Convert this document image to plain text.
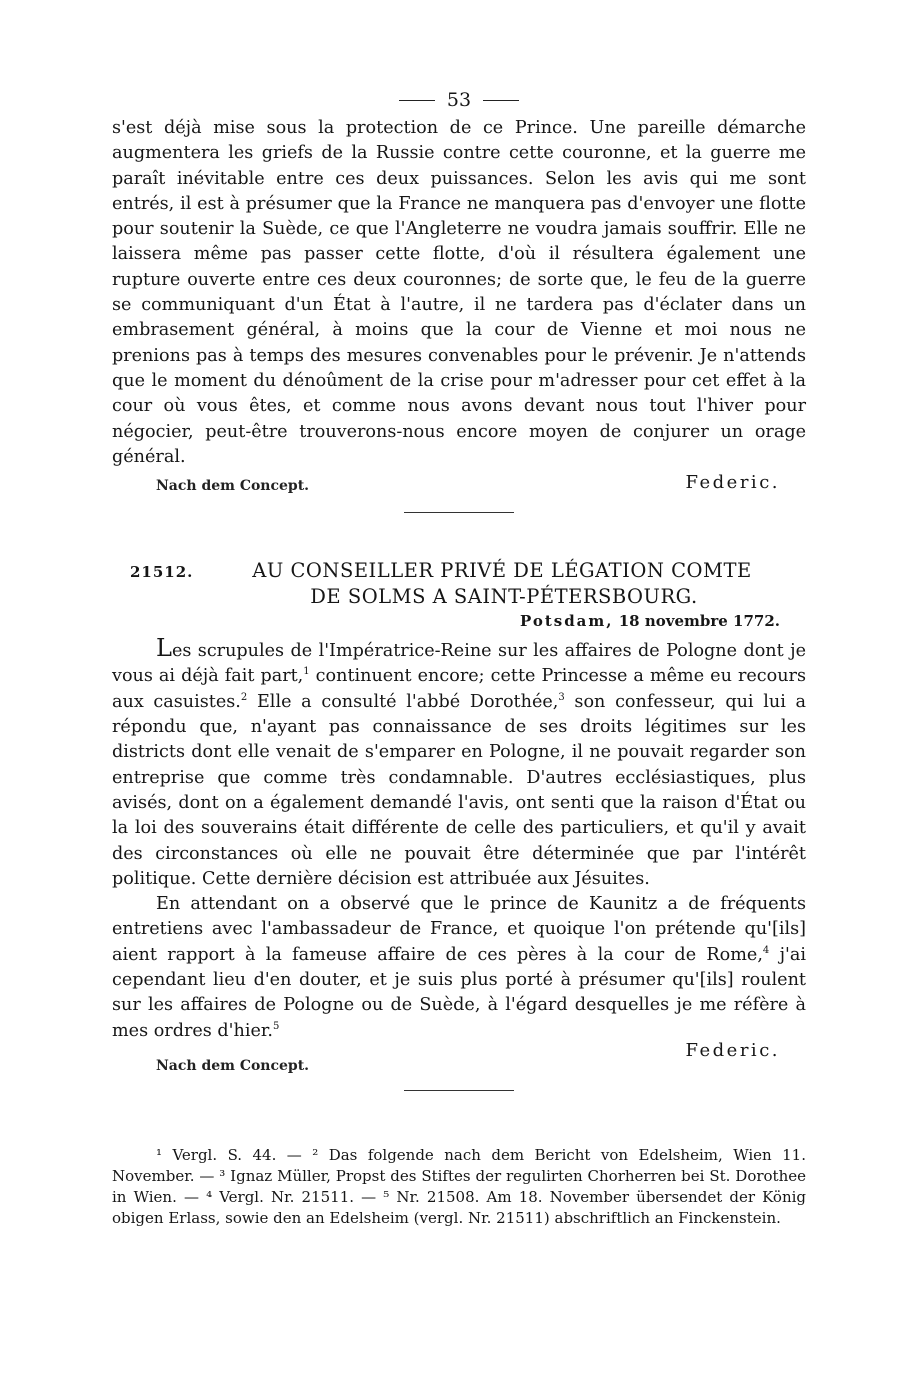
53

s'est déjà mise sous la protection de ce Prince. Une pareille démarche augmentera les griefs de la Russie contre cette couronne, et la guerre me paraît inévitable entre ces deux puissances. Selon les avis qui me sont entrés, il est à présumer que la France ne manquera pas d'envoyer une flotte pour soutenir la Suède, ce que l'Angleterre ne voudra jamais souffrir. Elle ne laissera même pas passer cette flotte, d'où il résultera également une rupture ouverte entre ces deux couronnes; de sorte que, le feu de la guerre se communiquant d'un État à l'autre, il ne tardera pas d'éclater dans un embrasement général, à moins que la cour de Vienne et moi nous ne prenions pas à temps des mesures convenables pour le prévenir. Je n'attends que le moment du dénoûment de la crise pour m'adresser pour cet effet à la cour où vous êtes, et comme nous avons devant nous tout l'hiver pour négocier, peut-être trouverons-nous encore moyen de conjurer un orage général.

Nach dem Concept.	Federic.
21512.	AU CONSEILLER PRIVÉ DE LÉGATION COMTE
DE SOLMS A SAINT-PÉTERSBOURG.
Potsdam, 18 novembre 1772.

Les scrupules de l'Impératrice-Reine sur les affaires de Pologne dont je vous ai déjà fait part,$^1$ continuent encore; cette Princesse a même eu recours aux casuistes.$^2$ Elle a consulté l'abbé Dorothée,$^3$ son confesseur, qui lui a répondu que, n'ayant pas connaissance de ses droits légitimes sur les districts dont elle venait de s'emparer en Pologne, il ne pouvait regarder son entreprise que comme très condamnable. D'autres ecclésiastiques, plus avisés, dont on a également demandé l'avis, ont senti que la raison d'État ou la loi des souverains était différente de celle des particuliers, et qu'il y avait des circonstances où elle ne pouvait être déterminée que par l'intérêt politique. Cette dernière décision est attribuée aux Jésuites.

En attendant on a observé que le prince de Kaunitz a de fréquents entretiens avec l'ambassadeur de France, et quoique l'on prétende qu'[ils] aient rapport à la fameuse affaire de ces pères à la cour de Rome,$^4$ j'ai cependant lieu d'en douter, et je suis plus porté à présumer qu'[ils] roulent sur les affaires de Pologne ou de Suède, à l'égard desquelles je me réfère à mes ordres d'hier.$^5$

Nach dem Concept.
Federic.

¹ Vergl. S. 44. — ² Das folgende nach dem Bericht von Edelsheim, Wien 11. November. — ³ Ignaz Müller, Propst des Stiftes der regulirten Chorherren bei St. Dorothee in Wien. — ⁴ Vergl. Nr. 21511. — ⁵ Nr. 21508. Am 18. November übersendet der König obigen Erlass, sowie den an Edelsheim (vergl. Nr. 21511) abschriftlich an Finckenstein.
